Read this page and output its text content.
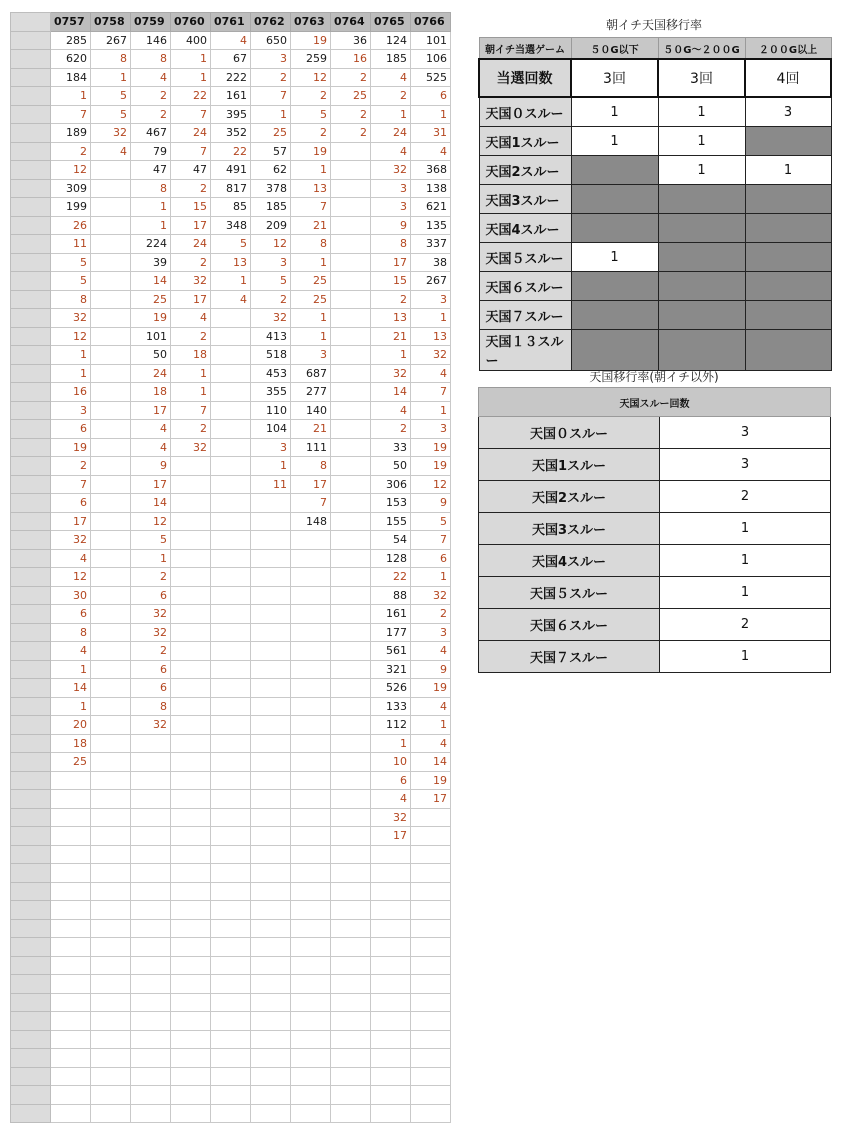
	0757	0758	0759	0760	0761	0762	0763	0764	0765	0766
	285	267	146	400	4	650	19	36	124	101
	620	8	8	1	67	3	259	16	185	106
	184	1	4	1	222	2	12	2	4	525
	1	5	2	22	161	7	2	25	2	6
	7	5	2	7	395	1	5	2	1	1
	189	32	467	24	352	25	2	2	24	31
	2	4	79	7	22	57	19		4	4
	12		47	47	491	62	1		32	368
	309		8	2	817	378	13		3	138
	199		1	15	85	185	7		3	621
	26		1	17	348	209	21		9	135
	11		224	24	5	12	8		8	337
	5		39	2	13	3	1		17	38
	5		14	32	1	5	25		15	267
	8		25	17	4	2	25		2	3
	32		19	4		32	1		13	1
	12		101	2		413	1		21	13
	1		50	18		518	3		1	32
	1		24	1		453	687		32	4
	16		18	1		355	277		14	7
	3		17	7		110	140		4	1
	6		4	2		104	21		2	3
	19		4	32		3	111		33	19
	2		9			1	8		50	19
	7		17			11	17		306	12
	6		14				7		153	9
	17		12				148		155	5
	32		5						54	7
	4		1						128	6
	12		2						22	1
	30		6						88	32
	6		32						161	2
	8		32						177	3
	4		2						561	4
	1		6						321	9
	14		6						526	19
	1		8						133	4
	20		32						112	1
	18								1	4
	25								10	14
									6	19
									4	17
									32	
									17	

朝イチ天国移行率
朝イチ当選ゲーム	５０G以下	５０G〜２００G	２００G以上
当選回数	3回	3回	4回
天国０スルー	1	1	3
天国1スルー	1	1	
天国2スルー		1	1
天国3スルー			
天国4スルー			
天国５スルー	1		
天国６スルー			
天国７スルー			
天国１３スルー			
天国移行率(朝イチ以外)
天国スルー回数	
天国０スルー	3
天国1スルー	3
天国2スルー	2
天国3スルー	1
天国4スルー	1
天国５スルー	1
天国６スルー	2
天国７スルー	1
